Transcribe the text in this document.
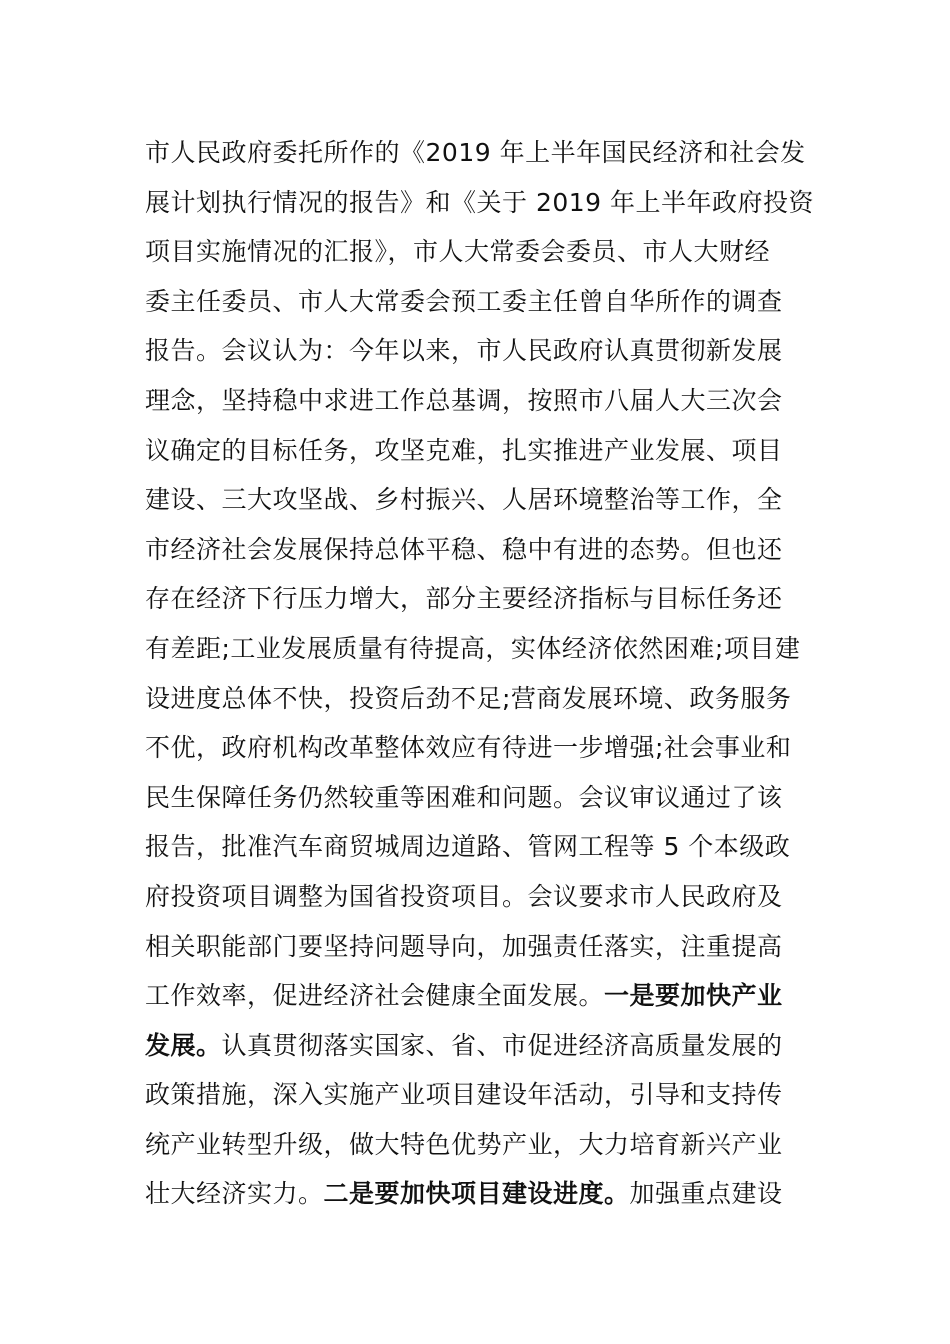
市人民政府委托所作的《2019 年上半年国民经济和社会发
展计划执行情况的报告》和《关于 2019 年上半年政府投资
项目实施情况的汇报》，市人大常委会委员、市人大财经
委主任委员、市人大常委会预工委主任曾自华所作的调查
报告。会议认为：今年以来，市人民政府认真贯彻新发展
理念，坚持稳中求进工作总基调，按照市八届人大三次会
议确定的目标任务，攻坚克难，扎实推进产业发展、项目
建设、三大攻坚战、乡村振兴、人居环境整治等工作，全
市经济社会发展保持总体平稳、稳中有进的态势。但也还
存在经济下行压力增大，部分主要经济指标与目标任务还
有差距;工业发展质量有待提高，实体经济依然困难;项目建
设进度总体不快，投资后劲不足;营商发展环境、政务服务
不优，政府机构改革整体效应有待进一步增强;社会事业和
民生保障任务仍然较重等困难和问题。会议审议通过了该
报告，批准汽车商贸城周边道路、管网工程等 5 个本级政
府投资项目调整为国省投资项目。会议要求市人民政府及
相关职能部门要坚持问题导向，加强责任落实，注重提高
工作效率，促进经济社会健康全面发展。一是要加快产业
发展。认真贯彻落实国家、省、市促进经济高质量发展的
政策措施，深入实施产业项目建设年活动，引导和支持传
统产业转型升级，做大特色优势产业，大力培育新兴产业
壮大经济实力。二是要加快项目建设进度。加强重点建设
